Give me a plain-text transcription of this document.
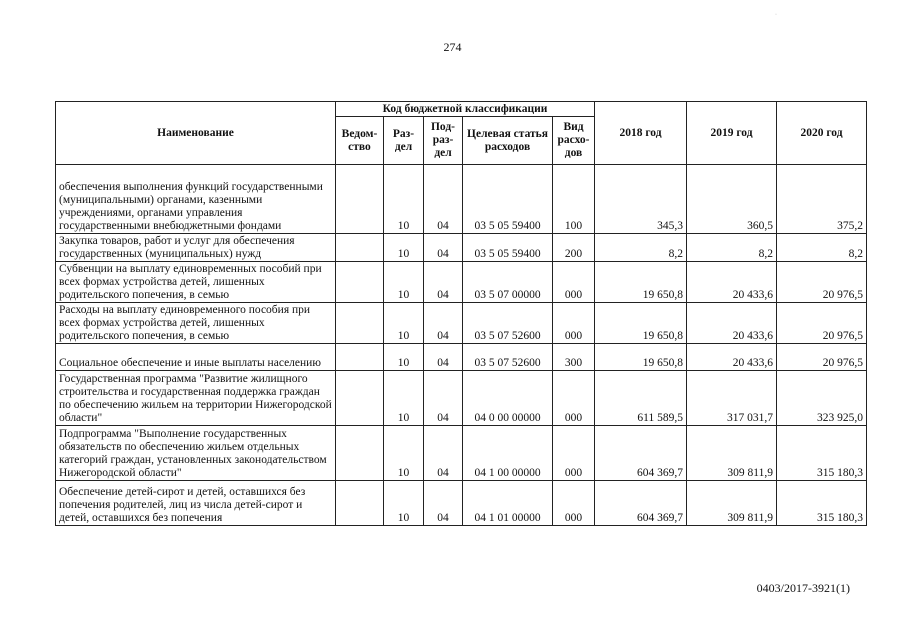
274
·
Наименование	Код бюджетной классификации					2018 год	2019 год	2020 год
	Ведом-ство	Раз-дел	Под-раз-дел	Целевая статья расходов	Вид расхо-дов			
обеспечения выполнения функций государственными (муниципальными) органами, казенными учреждениями, органами управления государственными внебюджетными фондами		10	04	03 5 05 59400	100	345,3	360,5	375,2
Закупка товаров, работ и услуг для обеспечения государственных (муниципальных) нужд		10	04	03 5 05 59400	200	8,2	8,2	8,2
Субвенции на выплату единовременных пособий при всех формах устройства детей, лишенных родительского попечения, в семью		10	04	03 5 07 00000	000	19 650,8	20 433,6	20 976,5
Расходы на выплату единовременного пособия при всех формах устройства детей, лишенных родительского попечения, в семью		10	04	03 5 07 52600	000	19 650,8	20 433,6	20 976,5
Социальное обеспечение и иные выплаты населению		10	04	03 5 07 52600	300	19 650,8	20 433,6	20 976,5
Государственная программа "Развитие жилищного строительства и государственная поддержка граждан по обеспечению жильем на территории Нижегородской области"		10	04	04 0 00 00000	000	611 589,5	317 031,7	323 925,0
Подпрограмма "Выполнение государственных обязательств по обеспечению жильем отдельных категорий граждан, установленных законодательством Нижегородской области"		10	04	04 1 00 00000	000	604 369,7	309 811,9	315 180,3
Обеспечение детей-сирот и детей, оставшихся без попечения родителей, лиц из числа детей-сирот и детей, оставшихся без попечения		10	04	04 1 01 00000	000	604 369,7	309 811,9	315 180,3
0403/2017-3921(1)
